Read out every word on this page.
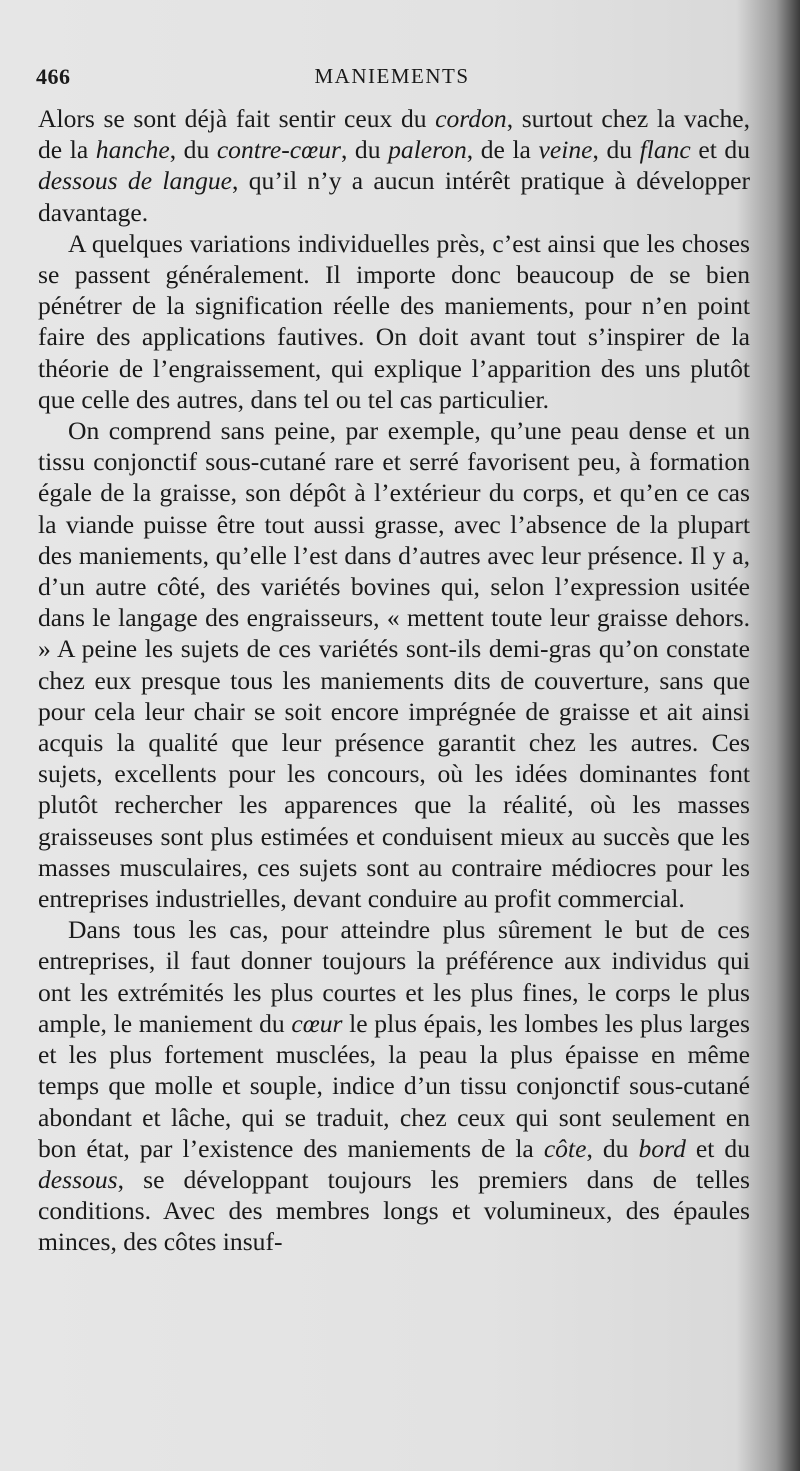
466	MANIEMENTS

Alors se sont déjà fait sentir ceux du cordon, surtout chez la vache, de la hanche, du contre-cœur, du paleron, de la veine, du flanc et du dessous de langue, qu’il n’y a aucun intérêt pratique à développer davantage.

A quelques variations individuelles près, c’est ainsi que les choses se passent généralement. Il importe donc beaucoup de se bien pénétrer de la signification réelle des maniements, pour n’en point faire des applications fautives. On doit avant tout s’inspirer de la théorie de l’engraissement, qui explique l’apparition des uns plutôt que celle des autres, dans tel ou tel cas particulier.

On comprend sans peine, par exemple, qu’une peau dense et un tissu conjonctif sous-cutané rare et serré favorisent peu, à formation égale de la graisse, son dépôt à l’extérieur du corps, et qu’en ce cas la viande puisse être tout aussi grasse, avec l’absence de la plupart des maniements, qu’elle l’est dans d’autres avec leur présence. Il y a, d’un autre côté, des variétés bovines qui, selon l’expression usitée dans le langage des engraisseurs, « mettent toute leur graisse dehors. » A peine les sujets de ces variétés sont-ils demi-gras qu’on constate chez eux presque tous les maniements dits de couverture, sans que pour cela leur chair se soit encore imprégnée de graisse et ait ainsi acquis la qualité que leur présence garantit chez les autres. Ces sujets, excellents pour les concours, où les idées dominantes font plutôt rechercher les apparences que la réalité, où les masses graisseuses sont plus estimées et conduisent mieux au succès que les masses musculaires, ces sujets sont au contraire médiocres pour les entreprises industrielles, devant conduire au profit commercial.

Dans tous les cas, pour atteindre plus sûrement le but de ces entreprises, il faut donner toujours la préférence aux individus qui ont les extrémités les plus courtes et les plus fines, le corps le plus ample, le maniement du cœur le plus épais, les lombes les plus larges et les plus fortement musclées, la peau la plus épaisse en même temps que molle et souple, indice d’un tissu conjonctif sous-cutané abondant et lâche, qui se traduit, chez ceux qui sont seulement en bon état, par l’existence des maniements de la côte, du bord et du dessous, se développant toujours les premiers dans de telles conditions. Avec des membres longs et volumineux, des épaules minces, des côtes insuf-
